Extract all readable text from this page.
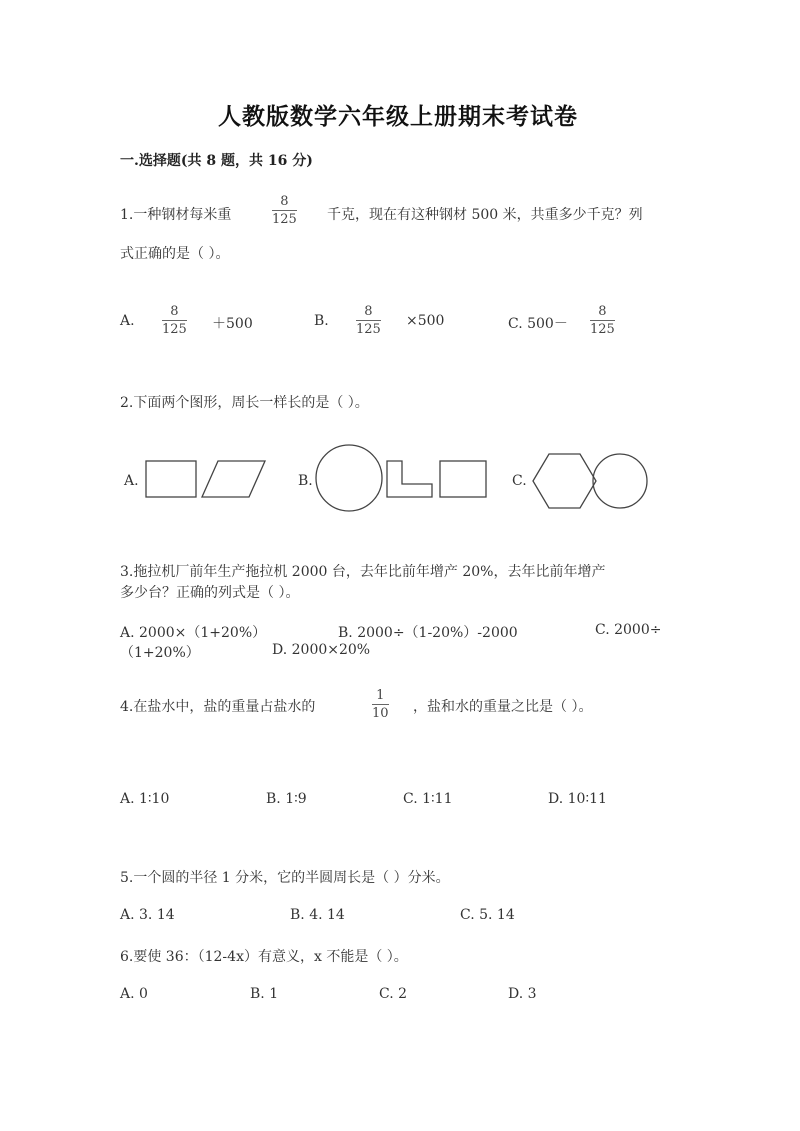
人教版数学六年级上册期末考试卷
一.选择题(共 8 题，共 16 分)
1.一种钢材每米重
8
125 千克，现在有这种钢材 500 米，共重多少千克？列
式正确的是（ ）。
A.
8
125 ＋500	B.
8
125
×500	C. 500－
8
125
2.下面两个图形，周长一样长的是（ ）。
A.	B.	C.
3.拖拉机厂前年生产拖拉机 2000 台，去年比前年增产 20%，去年比前年增产
多少台？正确的列式是（ ）。
A. 2000×（1+20%）	B. 2000÷（1-20%）-2000	C. 2000÷
（1+20%）	D. 2000×20%
4.在盐水中，盐的重量占盐水的
1
10 ，盐和水的重量之比是（ ）。
A. 1∶10	B. 1∶9	C. 1∶11	D. 10∶11
5.一个圆的半径 1 分米，它的半圆周长是（ ）分米。
A. 3. 14	B. 4. 14	C. 5. 14
6.要使 36：（12-4x）有意义，x 不能是（ ）。
A. 0	B. 1	C. 2	D. 3
